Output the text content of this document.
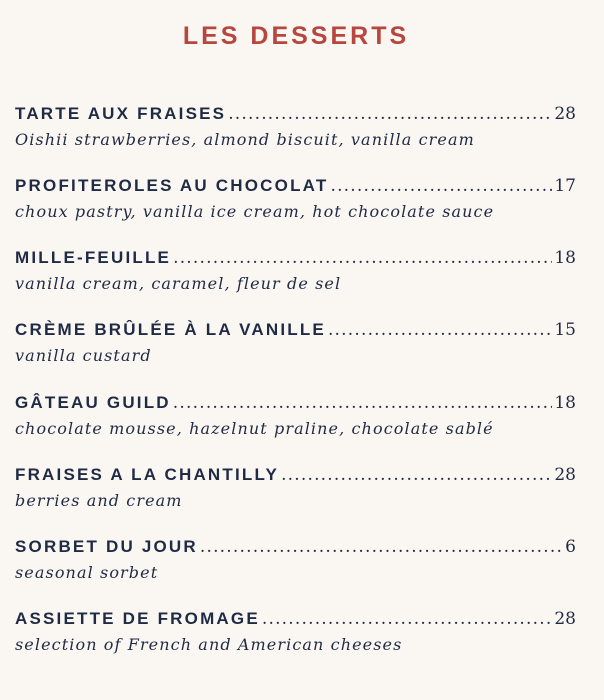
LES DESSERTS
TARTE AUX FRAISES .....	28
Oishii strawberries, almond biscuit, vanilla cream
PROFITEROLES AU CHOCOLAT .....	17
choux pastry, vanilla ice cream, hot chocolate sauce
MILLE-FEUILLE .....	18
vanilla cream, caramel, fleur de sel
CRÈME BRÛLÉE À LA VANILLE .....	15
vanilla custard
GÂTEAU GUILD .....	18
chocolate mousse, hazelnut praline, chocolate sablé
FRAISES A LA CHANTILLY .....	28
berries and cream
SORBET DU JOUR .....	6
seasonal sorbet
ASSIETTE DE FROMAGE .....	28
selection of French and American cheeses
